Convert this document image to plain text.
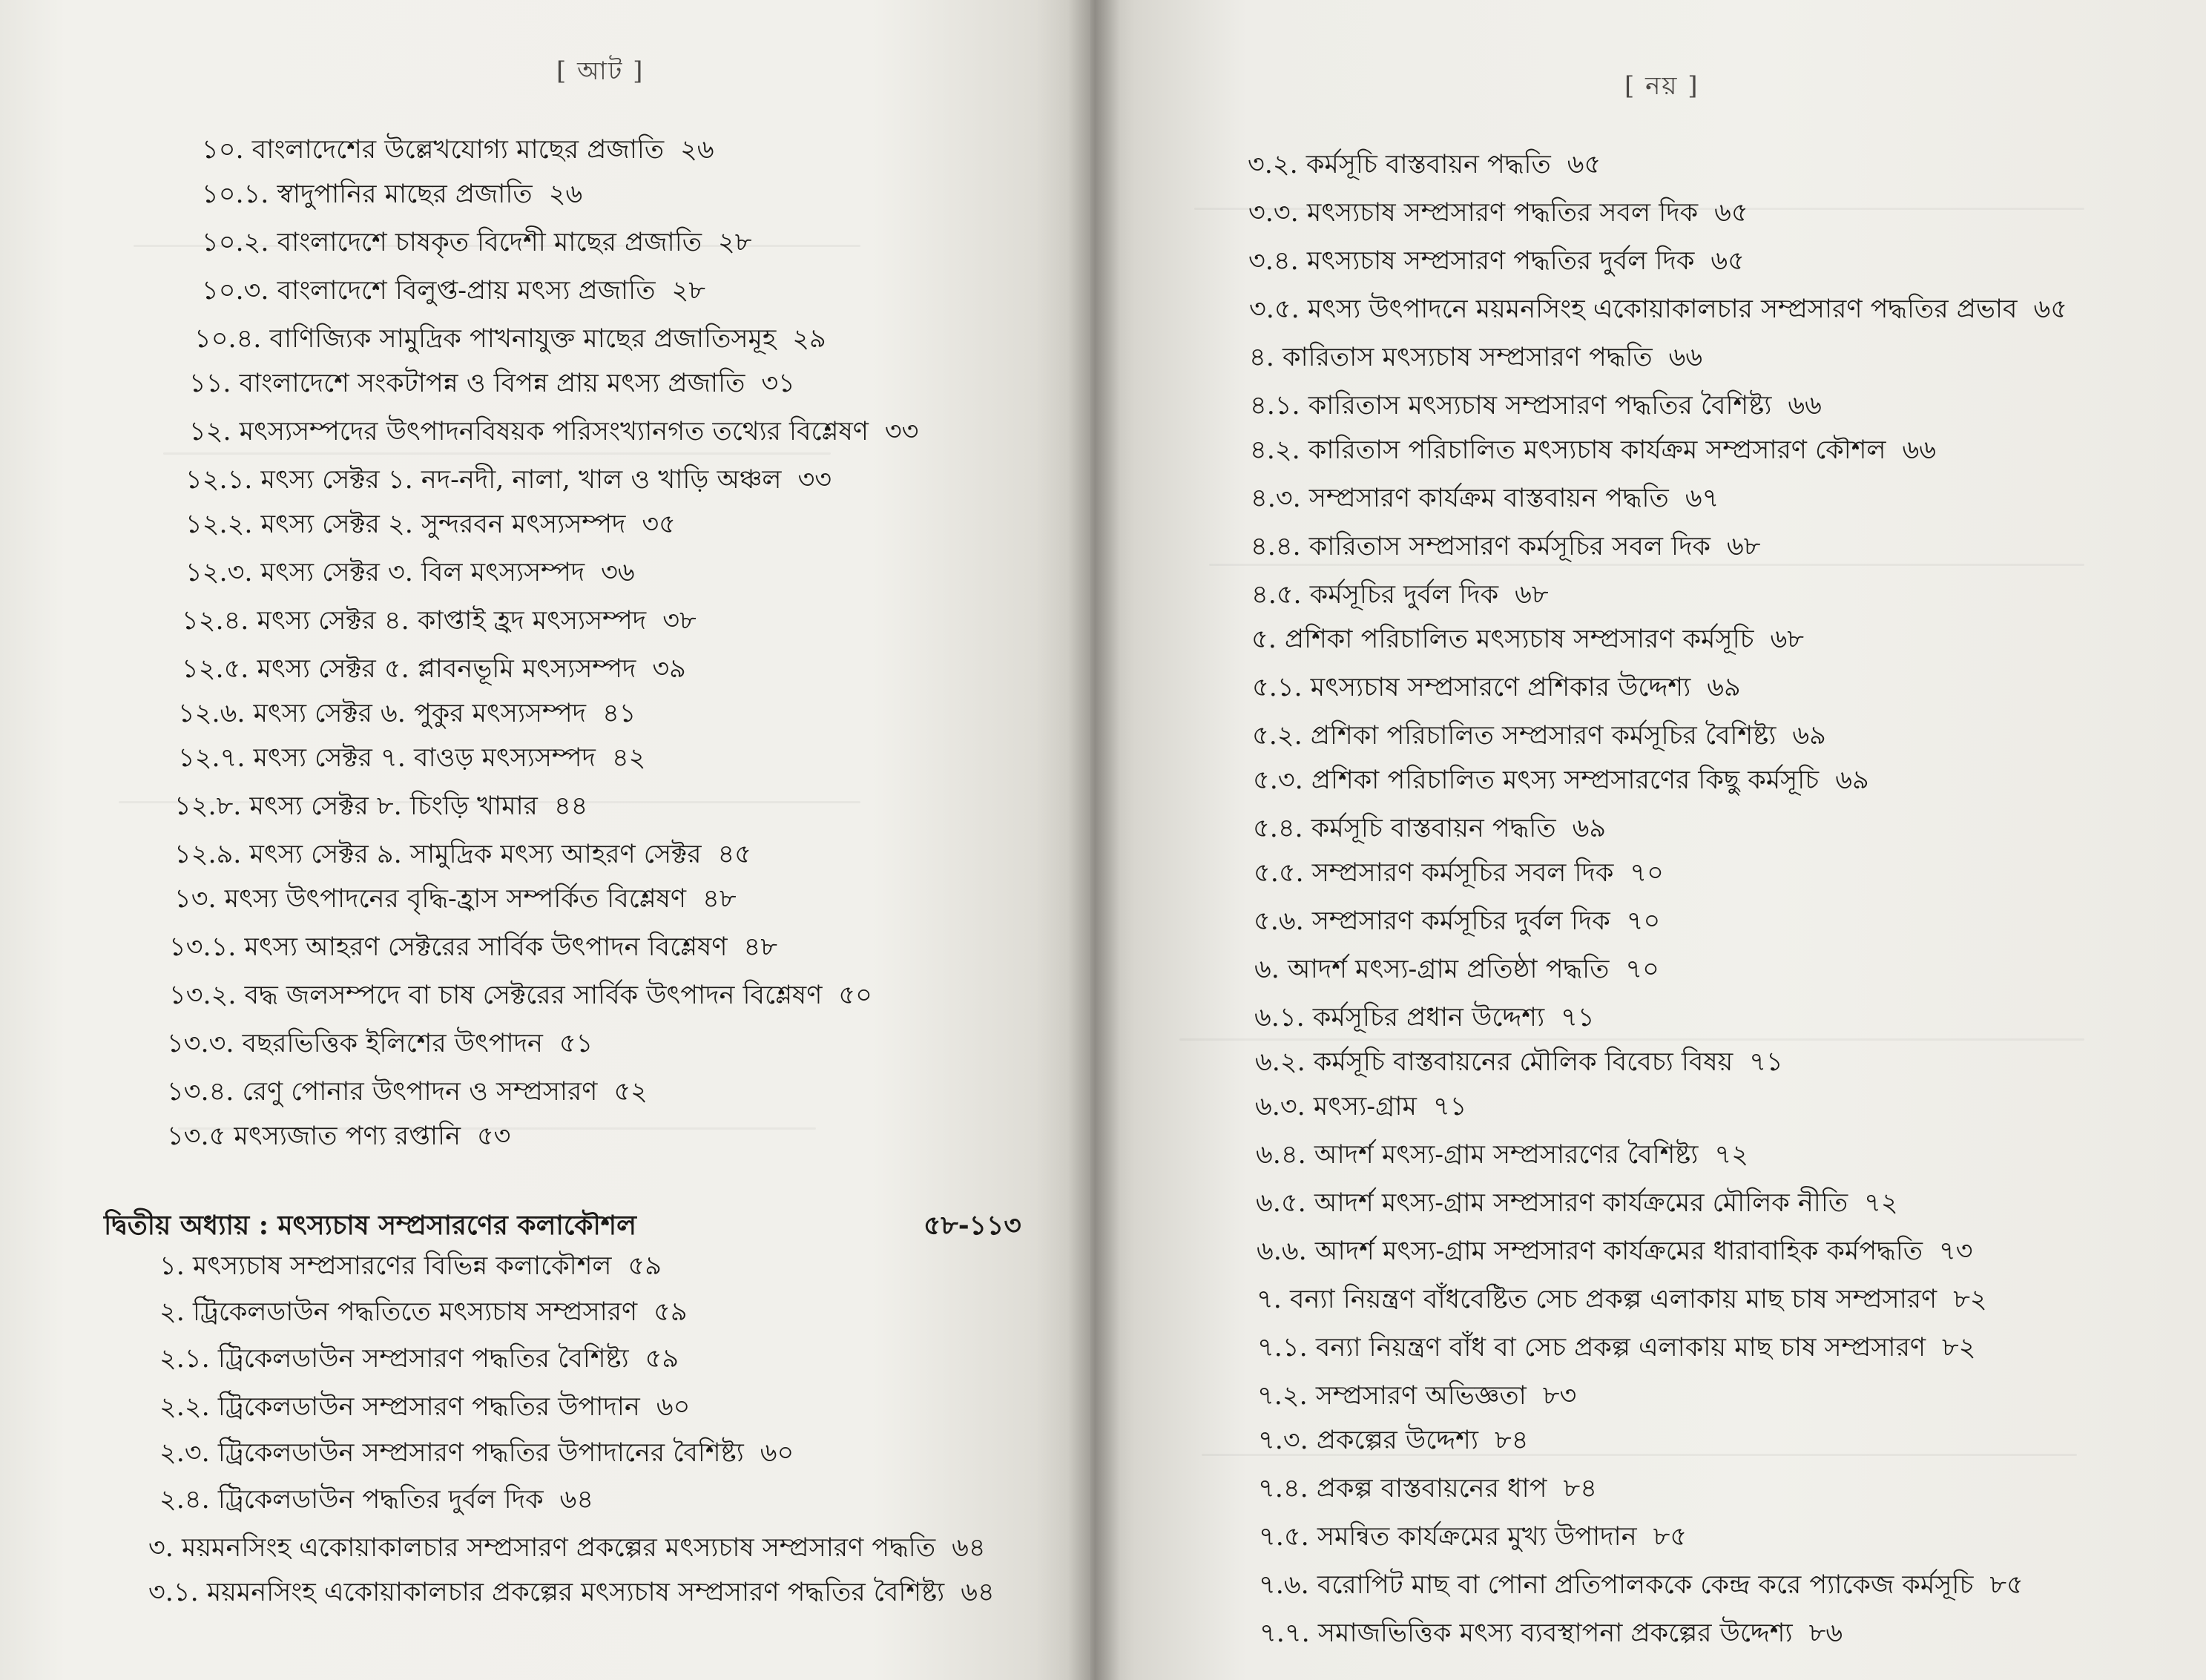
[ আট ]
১০. বাংলাদেশের উল্লেখযোগ্য মাছের প্রজাতি ২৬
১০.১. স্বাদুপানির মাছের প্রজাতি ২৬
১০.২. বাংলাদেশে চাষকৃত বিদেশী মাছের প্রজাতি ২৮
১০.৩. বাংলাদেশে বিলুপ্ত-প্রায় মৎস্য প্রজাতি ২৮
১০.৪. বাণিজ্যিক সামুদ্রিক পাখনাযুক্ত মাছের প্রজাতিসমূহ ২৯
১১. বাংলাদেশে সংকটাপন্ন ও বিপন্ন প্রায় মৎস্য প্রজাতি ৩১
১২. মৎস্যসম্পদের উৎপাদনবিষয়ক পরিসংখ্যানগত তথ্যের বিশ্লেষণ ৩৩
১২.১. মৎস্য সেক্টর ১. নদ-নদী, নালা, খাল ও খাড়ি অঞ্চল ৩৩
১২.২. মৎস্য সেক্টর ২. সুন্দরবন মৎস্যসম্পদ ৩৫
১২.৩. মৎস্য সেক্টর ৩. বিল মৎস্যসম্পদ ৩৬
১২.৪. মৎস্য সেক্টর ৪. কাপ্তাই হ্রদ মৎস্যসম্পদ ৩৮
১২.৫. মৎস্য সেক্টর ৫. প্লাবনভূমি মৎস্যসম্পদ ৩৯
১২.৬. মৎস্য সেক্টর ৬. পুকুর মৎস্যসম্পদ ৪১
১২.৭. মৎস্য সেক্টর ৭. বাওড় মৎস্যসম্পদ ৪২
১২.৮. মৎস্য সেক্টর ৮. চিংড়ি খামার ৪৪
১২.৯. মৎস্য সেক্টর ৯. সামুদ্রিক মৎস্য আহরণ সেক্টর ৪৫
১৩. মৎস্য উৎপাদনের বৃদ্ধি-হ্রাস সম্পর্কিত বিশ্লেষণ ৪৮
১৩.১. মৎস্য আহরণ সেক্টরের সার্বিক উৎপাদন বিশ্লেষণ ৪৮
১৩.২. বদ্ধ জলসম্পদে বা চাষ সেক্টরের সার্বিক উৎপাদন বিশ্লেষণ ৫০
১৩.৩. বছরভিত্তিক ইলিশের উৎপাদন ৫১
১৩.৪. রেণু পোনার উৎপাদন ও সম্প্রসারণ ৫২
১৩.৫ মৎস্যজাত পণ্য রপ্তানি ৫৩
দ্বিতীয় অধ্যায় : মৎস্যচাষ সম্প্রসারণের কলাকৌশল	৫৮-১১৩
১. মৎস্যচাষ সম্প্রসারণের বিভিন্ন কলাকৌশল ৫৯
২. ট্রিকেলডাউন পদ্ধতিতে মৎস্যচাষ সম্প্রসারণ ৫৯
২.১. ট্রিকেলডাউন সম্প্রসারণ পদ্ধতির বৈশিষ্ট্য ৫৯
২.২. ট্রিকেলডাউন সম্প্রসারণ পদ্ধতির উপাদান ৬০
২.৩. ট্রিকেলডাউন সম্প্রসারণ পদ্ধতির উপাদানের বৈশিষ্ট্য ৬০
২.৪. ট্রিকেলডাউন পদ্ধতির দুর্বল দিক ৬৪
৩. ময়মনসিংহ একোয়াকালচার সম্প্রসারণ প্রকল্পের মৎস্যচাষ সম্প্রসারণ পদ্ধতি ৬৪
৩.১. ময়মনসিংহ একোয়াকালচার প্রকল্পের মৎস্যচাষ সম্প্রসারণ পদ্ধতির বৈশিষ্ট্য ৬৪
[ নয় ]
৩.২. কর্মসূচি বাস্তবায়ন পদ্ধতি ৬৫
৩.৩. মৎস্যচাষ সম্প্রসারণ পদ্ধতির সবল দিক ৬৫
৩.৪. মৎস্যচাষ সম্প্রসারণ পদ্ধতির দুর্বল দিক ৬৫
৩.৫. মৎস্য উৎপাদনে ময়মনসিংহ একোয়াকালচার সম্প্রসারণ পদ্ধতির প্রভাব ৬৫
৪. কারিতাস মৎস্যচাষ সম্প্রসারণ পদ্ধতি ৬৬
৪.১. কারিতাস মৎস্যচাষ সম্প্রসারণ পদ্ধতির বৈশিষ্ট্য ৬৬
৪.২. কারিতাস পরিচালিত মৎস্যচাষ কার্যক্রম সম্প্রসারণ কৌশল ৬৬
৪.৩. সম্প্রসারণ কার্যক্রম বাস্তবায়ন পদ্ধতি ৬৭
৪.৪. কারিতাস সম্প্রসারণ কর্মসূচির সবল দিক ৬৮
৪.৫. কর্মসূচির দুর্বল দিক ৬৮
৫. প্রশিকা পরিচালিত মৎস্যচাষ সম্প্রসারণ কর্মসূচি ৬৮
৫.১. মৎস্যচাষ সম্প্রসারণে প্রশিকার উদ্দেশ্য ৬৯
৫.২. প্রশিকা পরিচালিত সম্প্রসারণ কর্মসূচির বৈশিষ্ট্য ৬৯
৫.৩. প্রশিকা পরিচালিত মৎস্য সম্প্রসারণের কিছু কর্মসূচি ৬৯
৫.৪. কর্মসূচি বাস্তবায়ন পদ্ধতি ৬৯
৫.৫. সম্প্রসারণ কর্মসূচির সবল দিক ৭০
৫.৬. সম্প্রসারণ কর্মসূচির দুর্বল দিক ৭০
৬. আদর্শ মৎস্য-গ্রাম প্রতিষ্ঠা পদ্ধতি ৭০
৬.১. কর্মসূচির প্রধান উদ্দেশ্য ৭১
৬.২. কর্মসূচি বাস্তবায়নের মৌলিক বিবেচ্য বিষয় ৭১
৬.৩. মৎস্য-গ্রাম ৭১
৬.৪. আদর্শ মৎস্য-গ্রাম সম্প্রসারণের বৈশিষ্ট্য ৭২
৬.৫. আদর্শ মৎস্য-গ্রাম সম্প্রসারণ কার্যক্রমের মৌলিক নীতি ৭২
৬.৬. আদর্শ মৎস্য-গ্রাম সম্প্রসারণ কার্যক্রমের ধারাবাহিক কর্মপদ্ধতি ৭৩
৭. বন্যা নিয়ন্ত্রণ বাঁধবেষ্টিত সেচ প্রকল্প এলাকায় মাছ চাষ সম্প্রসারণ ৮২
৭.১. বন্যা নিয়ন্ত্রণ বাঁধ বা সেচ প্রকল্প এলাকায় মাছ চাষ সম্প্রসারণ ৮২
৭.২. সম্প্রসারণ অভিজ্ঞতা ৮৩
৭.৩. প্রকল্পের উদ্দেশ্য ৮৪
৭.৪. প্রকল্প বাস্তবায়নের ধাপ ৮৪
৭.৫. সমন্বিত কার্যক্রমের মুখ্য উপাদান ৮৫
৭.৬. বরোপিট মাছ বা পোনা প্রতিপালককে কেন্দ্র করে প্যাকেজ কর্মসূচি ৮৫
৭.৭. সমাজভিত্তিক মৎস্য ব্যবস্থাপনা প্রকল্পের উদ্দেশ্য ৮৬
